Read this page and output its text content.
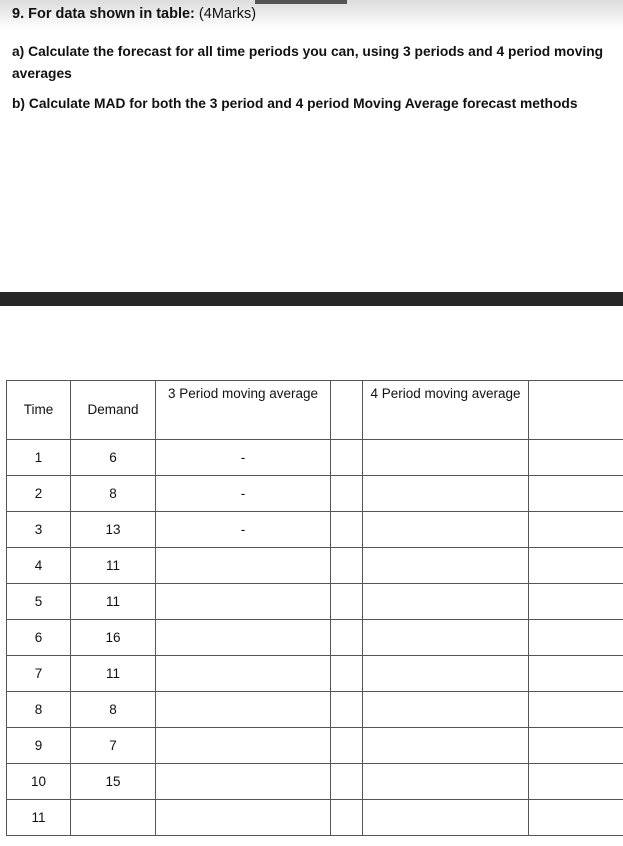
9. For data shown in table: (4Marks)
a) Calculate the forecast for all time periods you can, using 3 periods and 4 period moving averages
b) Calculate MAD for both the 3 period and 4 period Moving Average forecast methods
Time	Demand	3 Period moving average		4 Period moving average	
1	6	-			
2	8	-			
3	13	-			
4	11				
5	11				
6	16				
7	11				
8	8				
9	7				
10	15				
11					
